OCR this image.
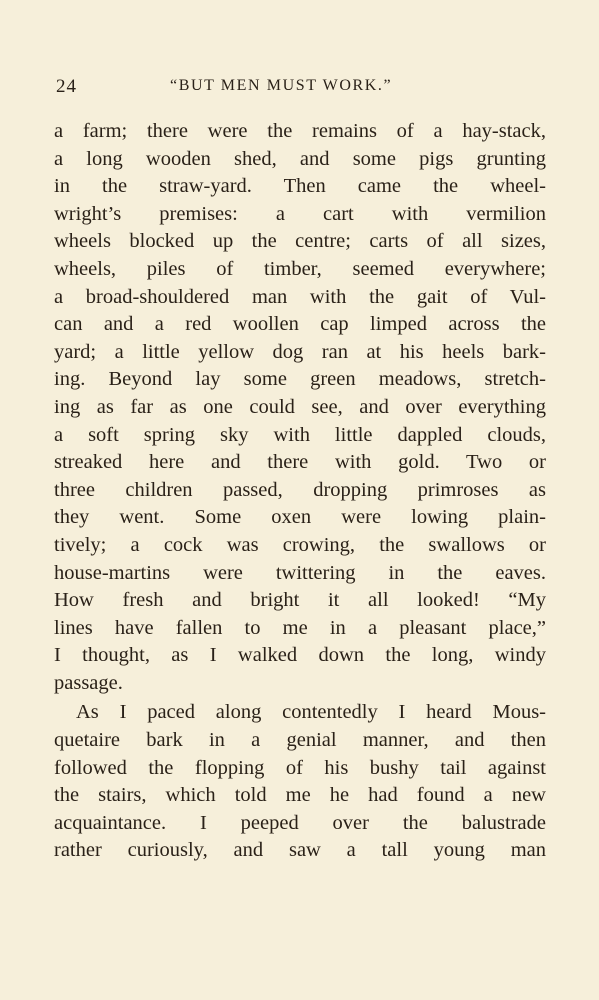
24	“BUT MEN MUST WORK.”
a farm; there were the remains of a hay-stack,
a long wooden shed, and some pigs grunting
in the straw-yard. Then came the wheel-
wright’s premises: a cart with vermilion
wheels blocked up the centre; carts of all sizes,
wheels, piles of timber, seemed everywhere;
a broad-shouldered man with the gait of Vul-
can and a red woollen cap limped across the
yard; a little yellow dog ran at his heels bark-
ing. Beyond lay some green meadows, stretch-
ing as far as one could see, and over everything
a soft spring sky with little dappled clouds,
streaked here and there with gold. Two or
three children passed, dropping primroses as
they went. Some oxen were lowing plain-
tively; a cock was crowing, the swallows or
house-martins were twittering in the eaves.
How fresh and bright it all looked! “My
lines have fallen to me in a pleasant place,”
I thought, as I walked down the long, windy
passage.
As I paced along contentedly I heard Mous-
quetaire bark in a genial manner, and then
followed the flopping of his bushy tail against
the stairs, which told me he had found a new
acquaintance. I peeped over the balustrade
rather curiously, and saw a tall young man
